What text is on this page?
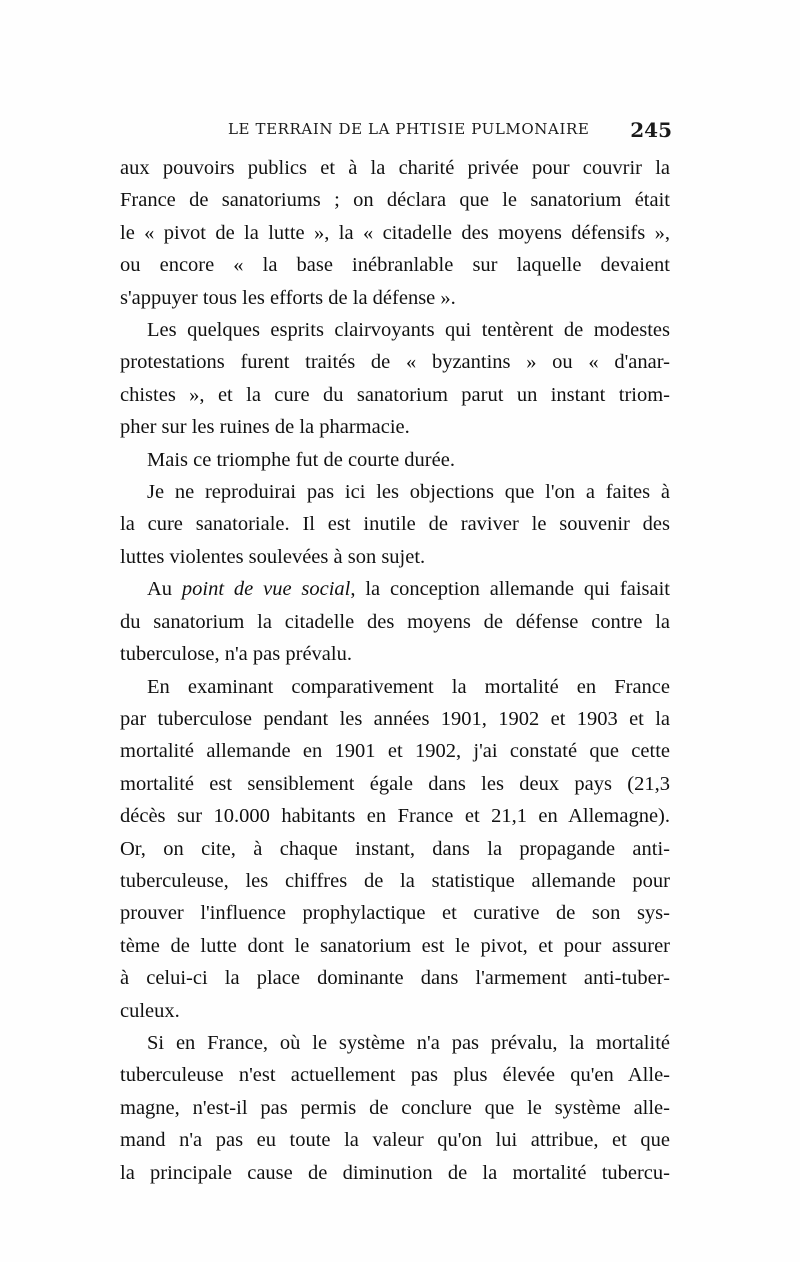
LE TERRAIN DE LA PHTISIE PULMONAIRE 245

aux pouvoirs publics et à la charité privée pour couvrir la
France de sanatoriums ; on déclara que le sanatorium était
le « pivot de la lutte », la « citadelle des moyens défensifs »,
ou encore « la base inébranlable sur laquelle devaient
s'appuyer tous les efforts de la défense ».

Les quelques esprits clairvoyants qui tentèrent de modestes
protestations furent traités de « byzantins » ou « d'anar-
chistes », et la cure du sanatorium parut un instant triom-
pher sur les ruines de la pharmacie.

Mais ce triomphe fut de courte durée.

Je ne reproduirai pas ici les objections que l'on a faites à
la cure sanatoriale. Il est inutile de raviver le souvenir des
luttes violentes soulevées à son sujet.

Au point de vue social, la conception allemande qui faisait
du sanatorium la citadelle des moyens de défense contre la
tuberculose, n'a pas prévalu.

En examinant comparativement la mortalité en France
par tuberculose pendant les années 1901, 1902 et 1903 et la
mortalité allemande en 1901 et 1902, j'ai constaté que cette
mortalité est sensiblement égale dans les deux pays (21,3
décès sur 10.000 habitants en France et 21,1 en Allemagne).
Or, on cite, à chaque instant, dans la propagande anti-
tuberculeuse, les chiffres de la statistique allemande pour
prouver l'influence prophylactique et curative de son sys-
tème de lutte dont le sanatorium est le pivot, et pour assurer
à celui-ci la place dominante dans l'armement anti-tuber-
culeux.

Si en France, où le système n'a pas prévalu, la mortalité
tuberculeuse n'est actuellement pas plus élevée qu'en Alle-
magne, n'est-il pas permis de conclure que le système alle-
mand n'a pas eu toute la valeur qu'on lui attribue, et que
la principale cause de diminution de la mortalité tubercu-
